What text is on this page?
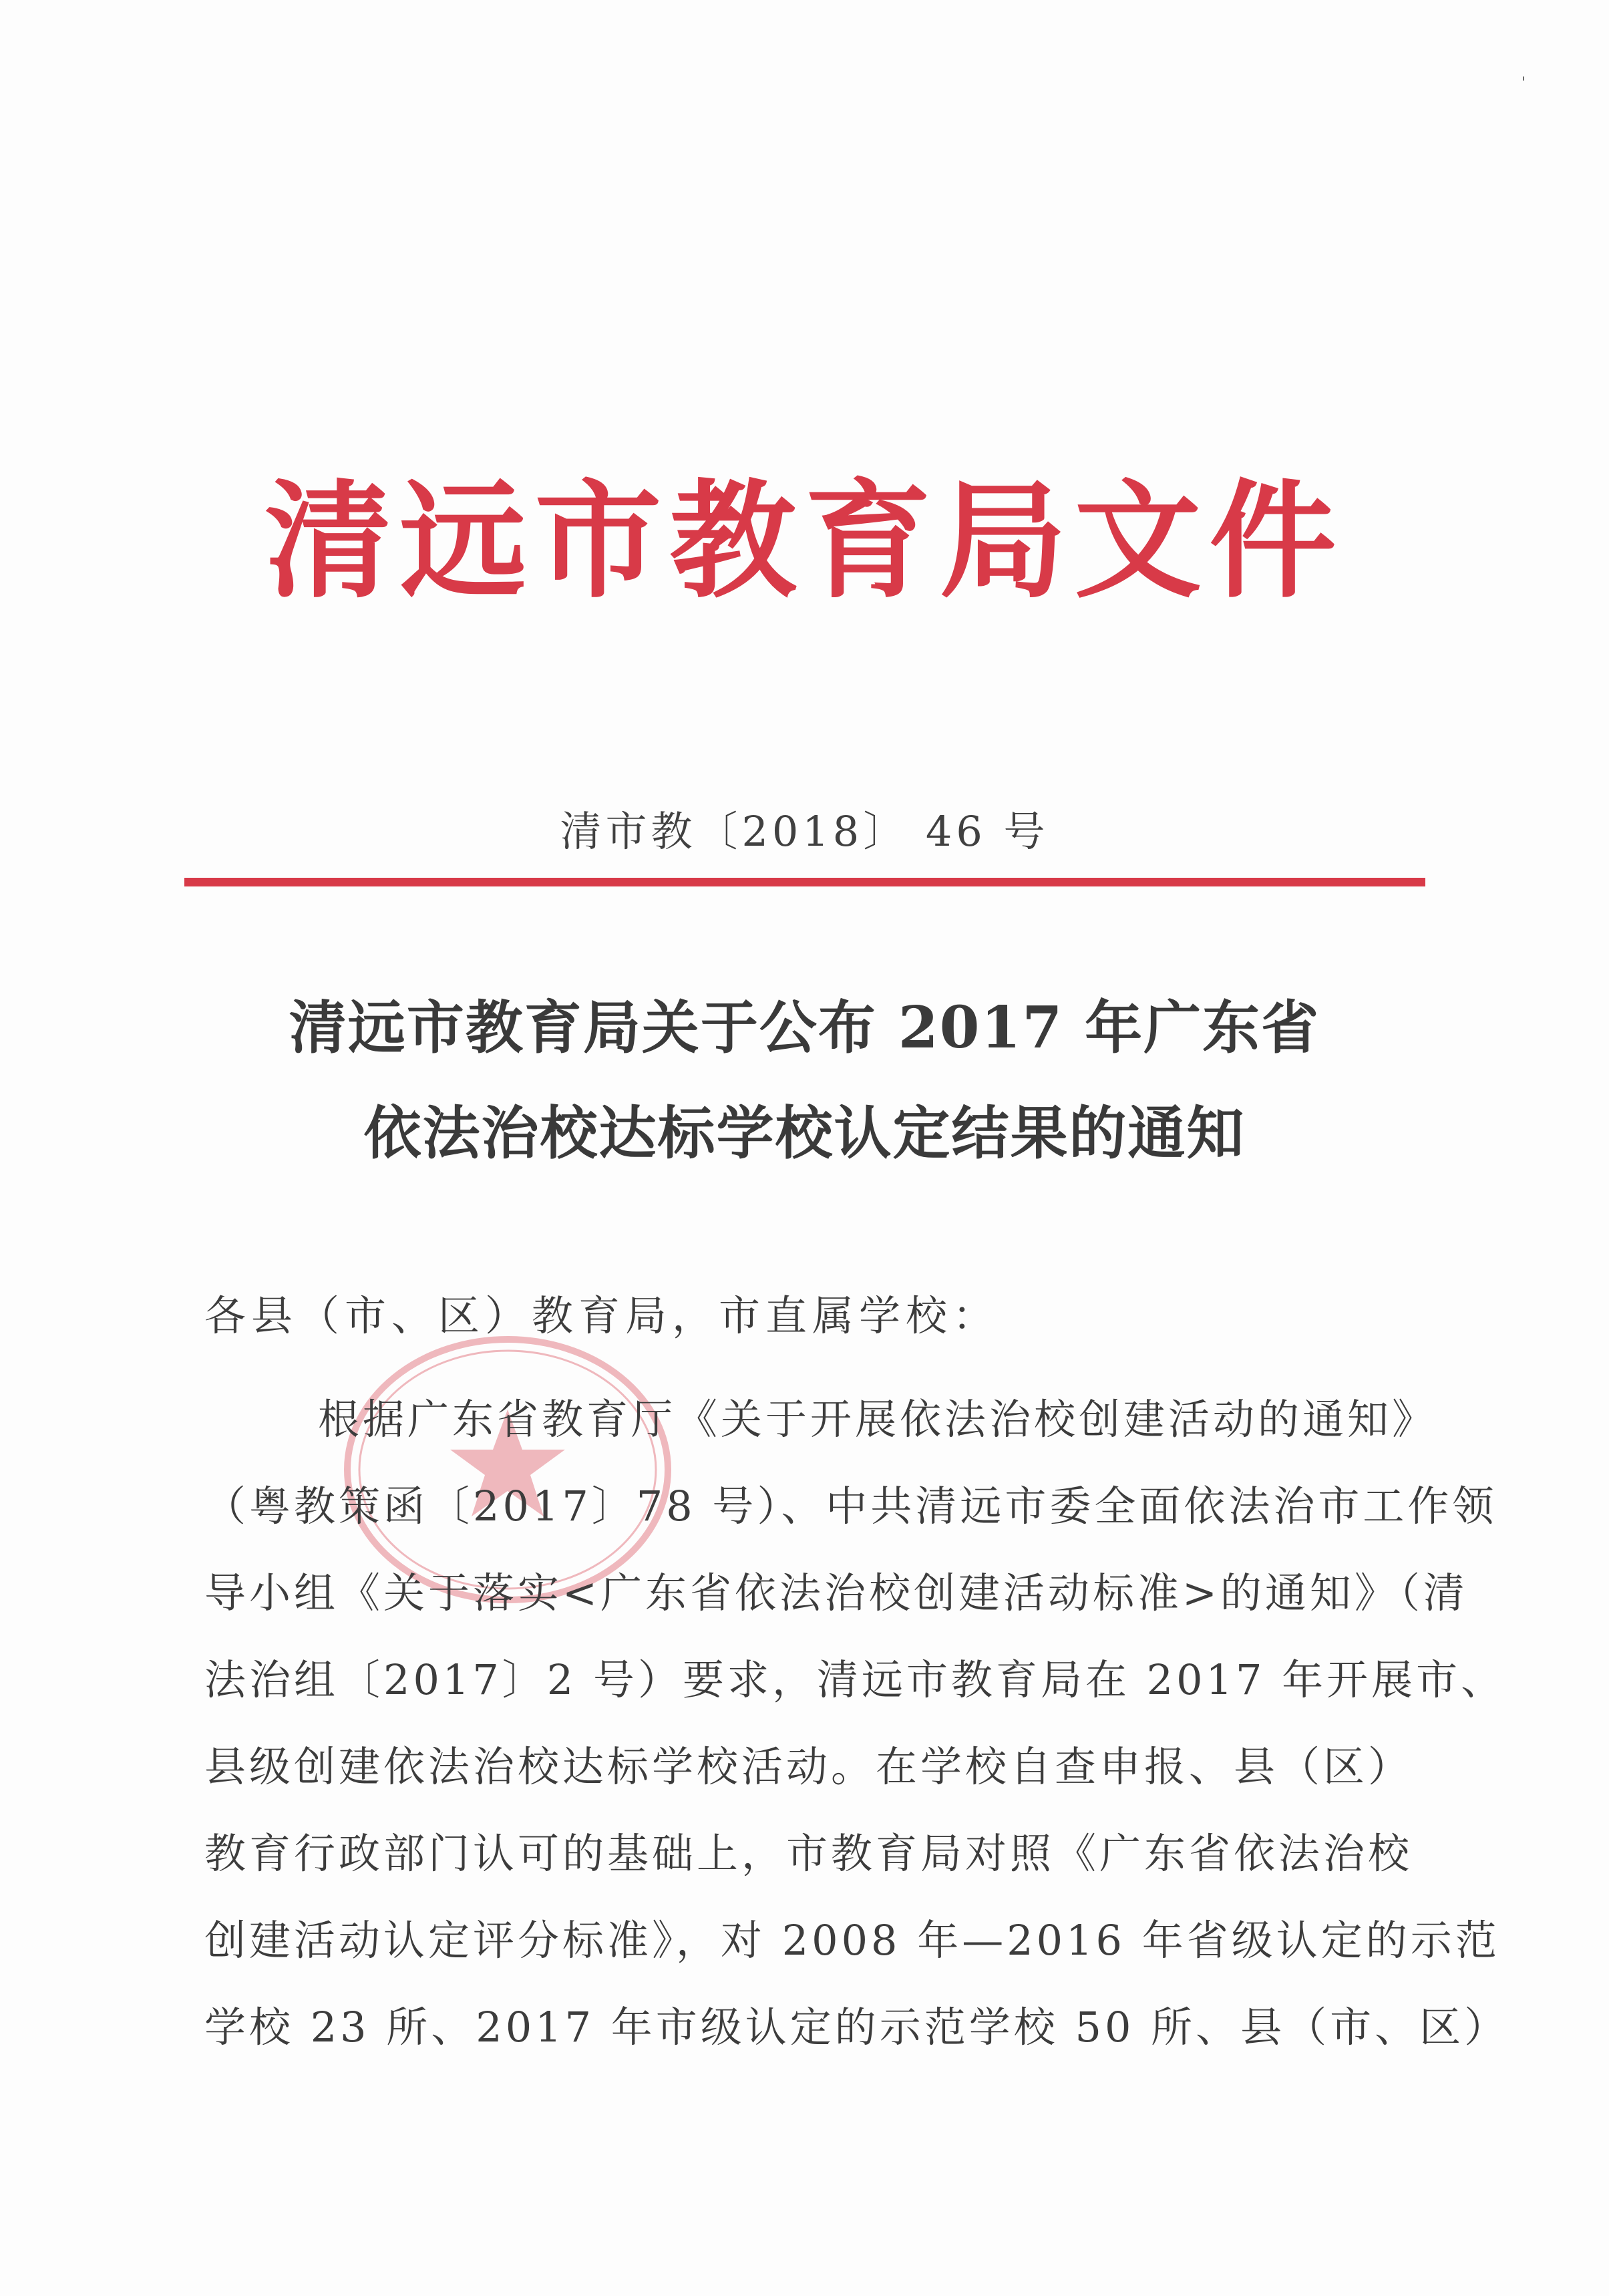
'
清远市教育局文件
清市教〔2018〕 46 号
清远市教育局关于公布 2017 年广东省
依法治校达标学校认定结果的通知
各县（市、区）教育局，市直属学校：
根据广东省教育厅《关于开展依法治校创建活动的通知》
（粤教策函〔2017〕78 号）、中共清远市委全面依法治市工作领
导小组《关于落实<广东省依法治校创建活动标准>的通知》（清
法治组〔2017〕2 号）要求，清远市教育局在 2017 年开展市、
县级创建依法治校达标学校活动。在学校自查申报、县（区）
教育行政部门认可的基础上，市教育局对照《广东省依法治校
创建活动认定评分标准》，对 2008 年—2016 年省级认定的示范
学校 23 所、2017 年市级认定的示范学校 50 所、县（市、区）
